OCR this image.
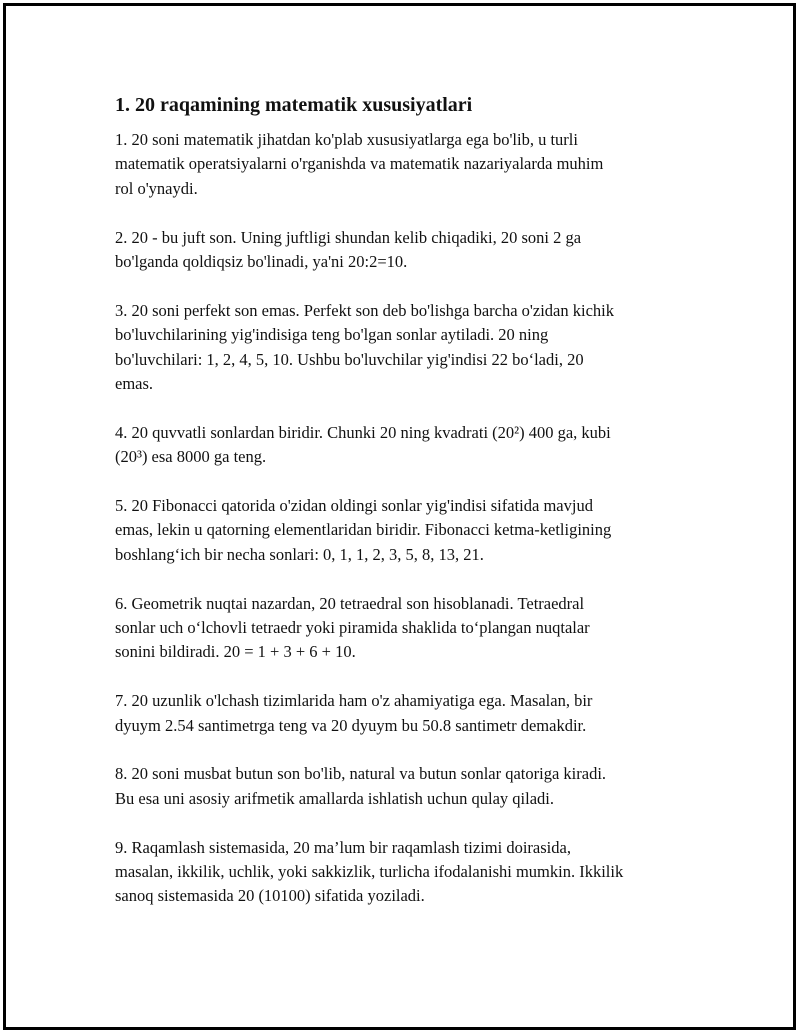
1. 20 raqamining matematik xususiyatlari

1. 20 soni matematik jihatdan ko'plab xususiyatlarga ega bo'lib, u turli
matematik operatsiyalarni o'rganishda va matematik nazariyalarda muhim
rol o'ynaydi.

2. 20 - bu juft son. Uning juftligi shundan kelib chiqadiki, 20 soni 2 ga
bo'lganda qoldiqsiz bo'linadi, ya'ni 20:2=10.

3. 20 soni perfekt son emas. Perfekt son deb bo'lishga barcha o'zidan kichik
bo'luvchilarining yig'indisiga teng bo'lgan sonlar aytiladi. 20 ning
bo'luvchilari: 1, 2, 4, 5, 10. Ushbu bo'luvchilar yig'indisi 22 bo‘ladi, 20
emas.

4. 20 quvvatli sonlardan biridir. Chunki 20 ning kvadrati (20²) 400 ga, kubi
(20³) esa 8000 ga teng.

5. 20 Fibonacci qatorida o'zidan oldingi sonlar yig'indisi sifatida mavjud
emas, lekin u qatorning elementlaridan biridir. Fibonacci ketma-ketligining
boshlang‘ich bir necha sonlari: 0, 1, 1, 2, 3, 5, 8, 13, 21.

6. Geometrik nuqtai nazardan, 20 tetraedral son hisoblanadi. Tetraedral
sonlar uch o‘lchovli tetraedr yoki piramida shaklida to‘plangan nuqtalar
sonini bildiradi. 20 = 1 + 3 + 6 + 10.

7. 20 uzunlik o'lchash tizimlarida ham o'z ahamiyatiga ega. Masalan, bir
dyuym 2.54 santimetrga teng va 20 dyuym bu 50.8 santimetr demakdir.

8. 20 soni musbat butun son bo'lib, natural va butun sonlar qatoriga kiradi.
Bu esa uni asosiy arifmetik amallarda ishlatish uchun qulay qiladi.

9. Raqamlash sistemasida, 20 ma’lum bir raqamlash tizimi doirasida,
masalan, ikkilik, uchlik, yoki sakkizlik, turlicha ifodalanishi mumkin. Ikkilik
sanoq sistemasida 20 (10100) sifatida yoziladi.
